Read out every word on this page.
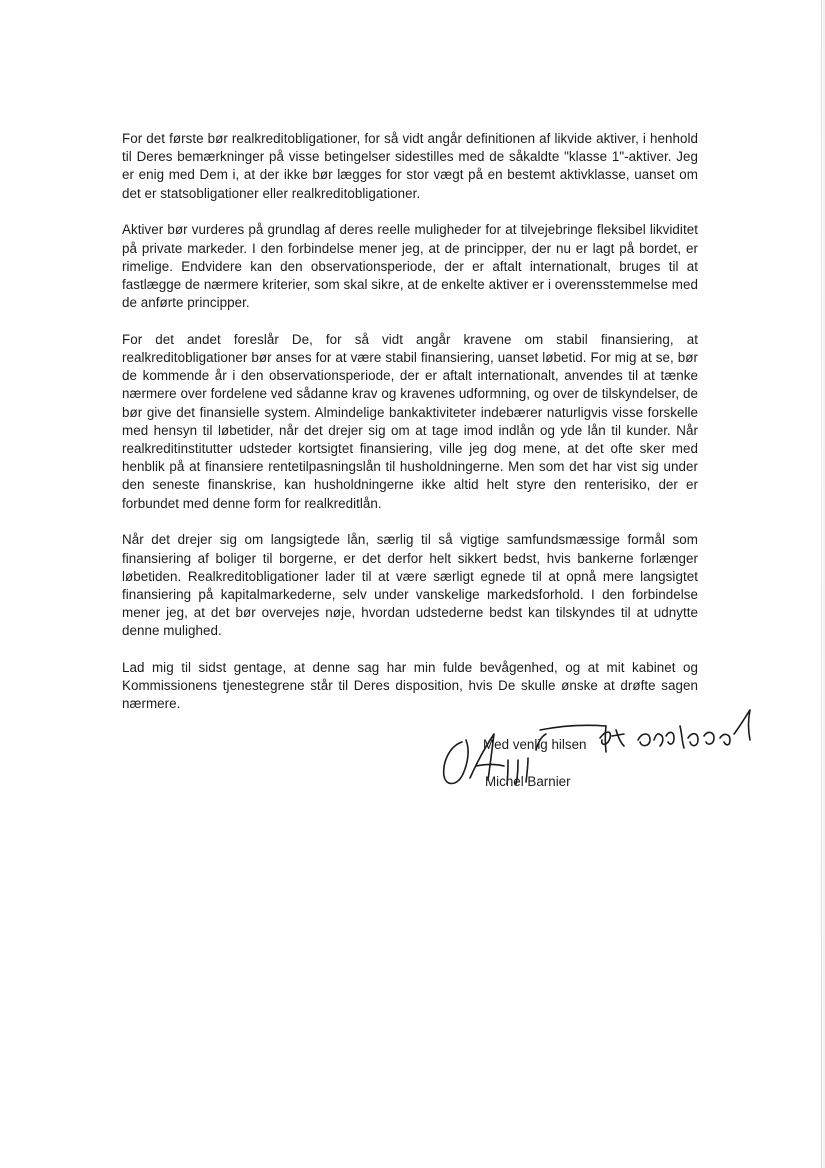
For det første bør realkreditobligationer, for så vidt angår definitionen af likvide aktiver, i henhold til Deres bemærkninger på visse betingelser sidestilles med de såkaldte "klasse 1"-aktiver. Jeg er enig med Dem i, at der ikke bør lægges for stor vægt på en bestemt aktivklasse, uanset om det er statsobligationer eller realkreditobligationer.

Aktiver bør vurderes på grundlag af deres reelle muligheder for at tilvejebringe fleksibel likviditet på private markeder. I den forbindelse mener jeg, at de principper, der nu er lagt på bordet, er rimelige. Endvidere kan den observationsperiode, der er aftalt internationalt, bruges til at fastlægge de nærmere kriterier, som skal sikre, at de enkelte aktiver er i overensstemmelse med de anførte principper.

For det andet foreslår De, for så vidt angår kravene om stabil finansiering, at realkreditobligationer bør anses for at være stabil finansiering, uanset løbetid. For mig at se, bør de kommende år i den observationsperiode, der er aftalt internationalt, anvendes til at tænke nærmere over fordelene ved sådanne krav og kravenes udformning, og over de tilskyndelser, de bør give det finansielle system. Almindelige bankaktiviteter indebærer naturligvis visse forskelle med hensyn til løbetider, når det drejer sig om at tage imod indlån og yde lån til kunder. Når realkreditinstitutter udsteder kortsigtet finansiering, ville jeg dog mene, at det ofte sker med henblik på at finansiere rentetilpasningslån til husholdningerne. Men som det har vist sig under den seneste finanskrise, kan husholdningerne ikke altid helt styre den renterisiko, der er forbundet med denne form for realkreditlån.

Når det drejer sig om langsigtede lån, særlig til så vigtige samfundsmæssige formål som finansiering af boliger til borgerne, er det derfor helt sikkert bedst, hvis bankerne forlænger løbetiden. Realkreditobligationer lader til at være særligt egnede til at opnå mere langsigtet finansiering på kapitalmarkederne, selv under vanskelige markedsforhold. I den forbindelse mener jeg, at det bør overvejes nøje, hvordan udstederne bedst kan tilskyndes til at udnytte denne mulighed.

Lad mig til sidst gentage, at denne sag har min fulde bevågenhed, og at mit kabinet og Kommissionens tjenestegrene står til Deres disposition, hvis De skulle ønske at drøfte sagen nærmere.

Med venlig hilsen
Michel Barnier
